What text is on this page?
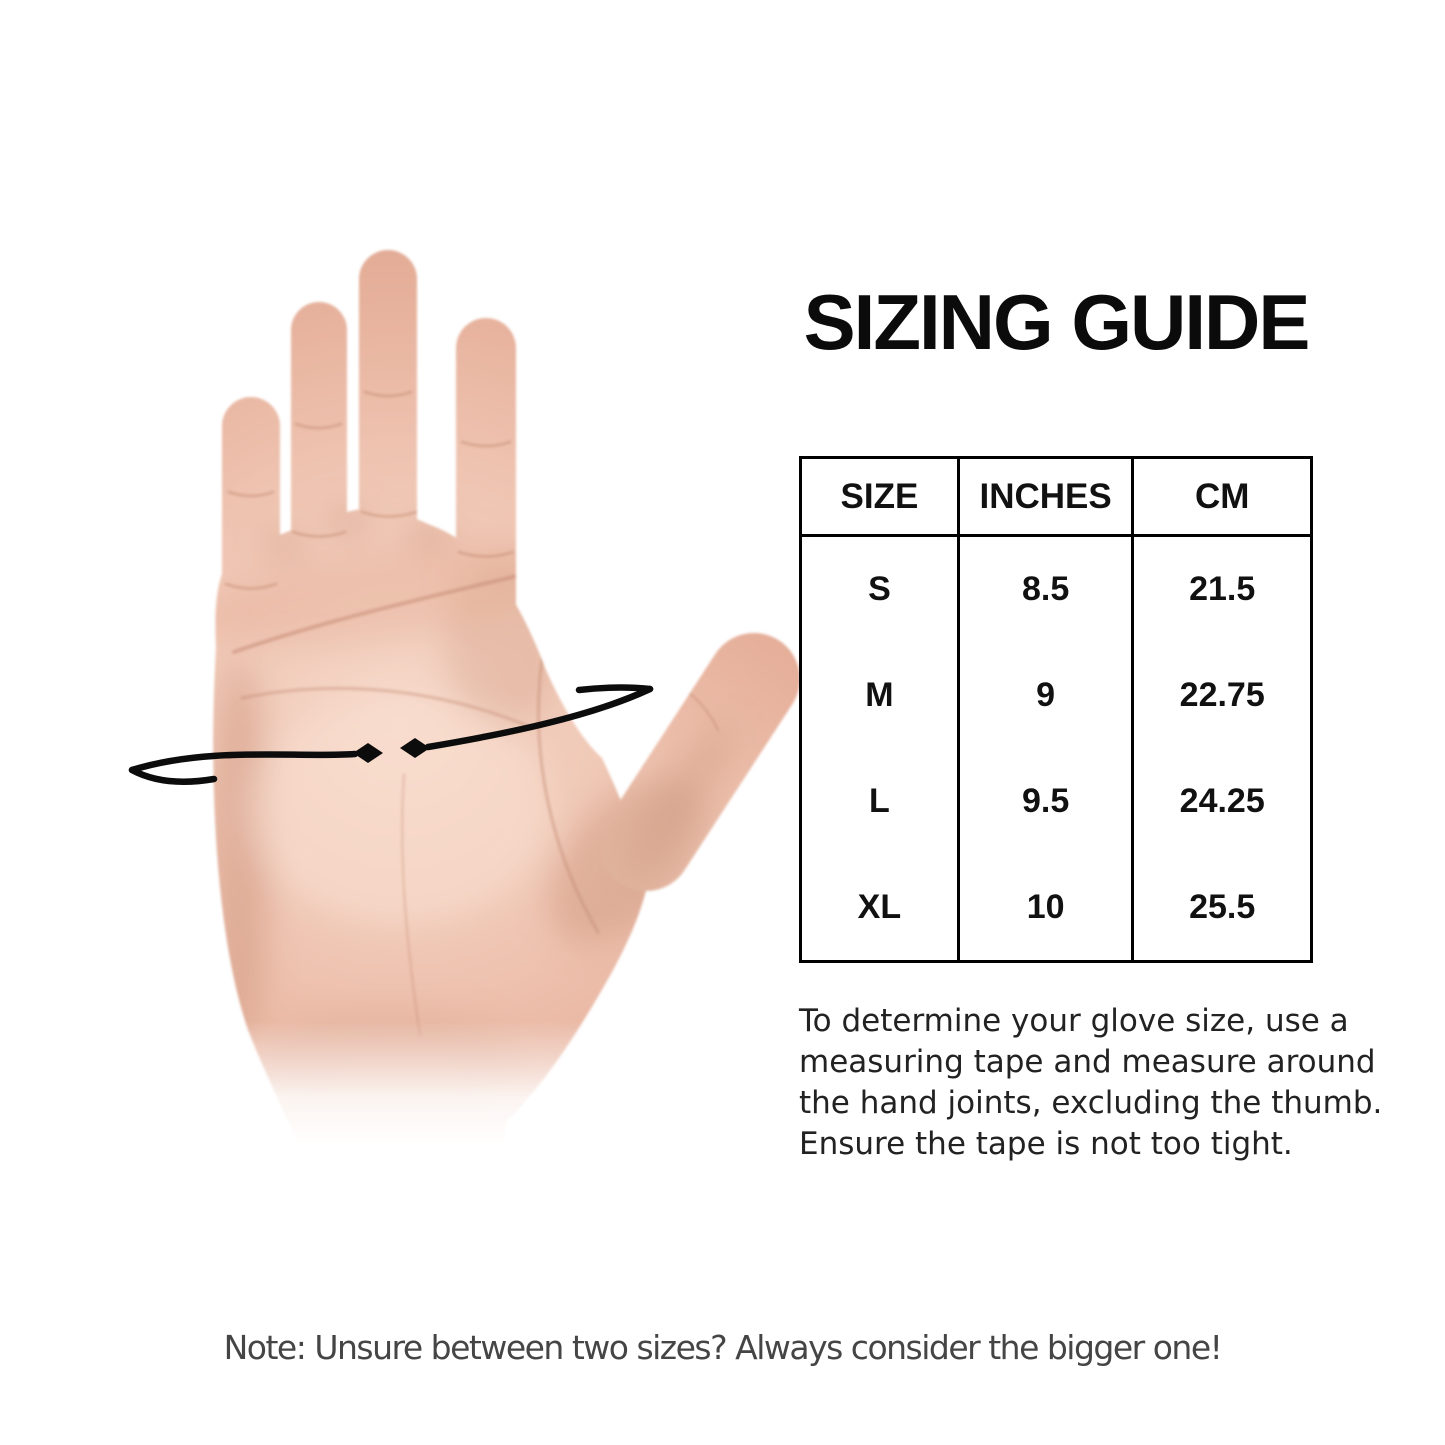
SIZING GUIDE
SIZE	INCHES	CM
S	8.5	21.5
M	9	22.75
L	9.5	24.25
XL	10	25.5

To determine your glove size, use a measuring tape and measure around the hand joints, excluding the thumb. Ensure the tape is not too tight.

Note: Unsure between two sizes? Always consider the bigger one!
